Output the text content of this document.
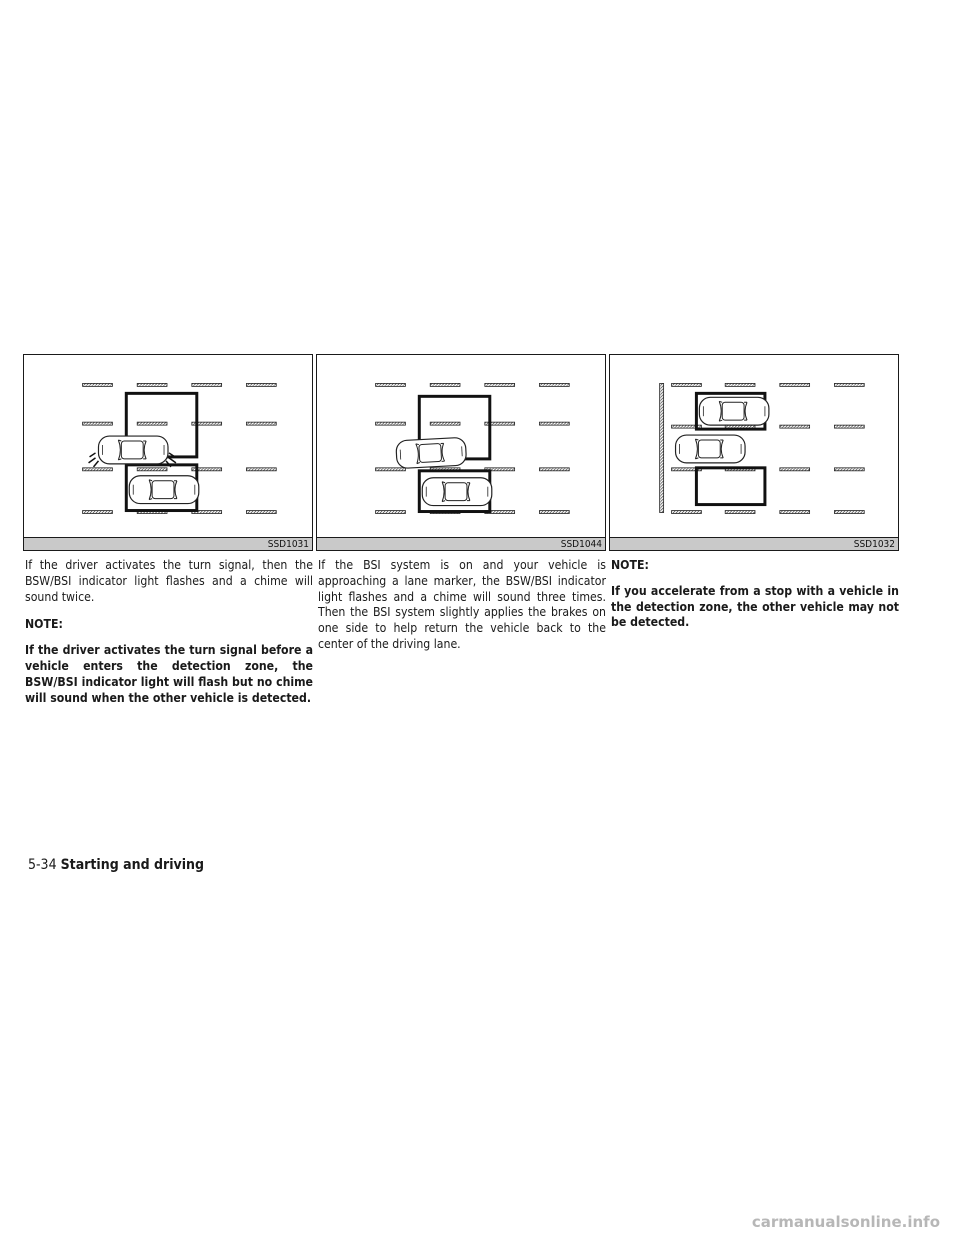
SSD1031

If the driver activates the turn signal, then the BSW/BSI indicator light flashes and a chime will sound twice.

NOTE:

If the driver activates the turn signal before a vehicle enters the detection zone, the BSW/BSI indicator light will flash but no chime will sound when the other vehicle is detected.

SSD1044

If the BSI system is on and your vehicle is approaching a lane marker, the BSW/BSI indicator light flashes and a chime will sound three times. Then the BSI system slightly applies the brakes on one side to help return the vehicle back to the center of the driving lane.

SSD1032

NOTE:

If you accelerate from a stop with a vehicle in the detection zone, the other vehicle may not be detected.

5-34 Starting and driving
carmanualsonline.info
